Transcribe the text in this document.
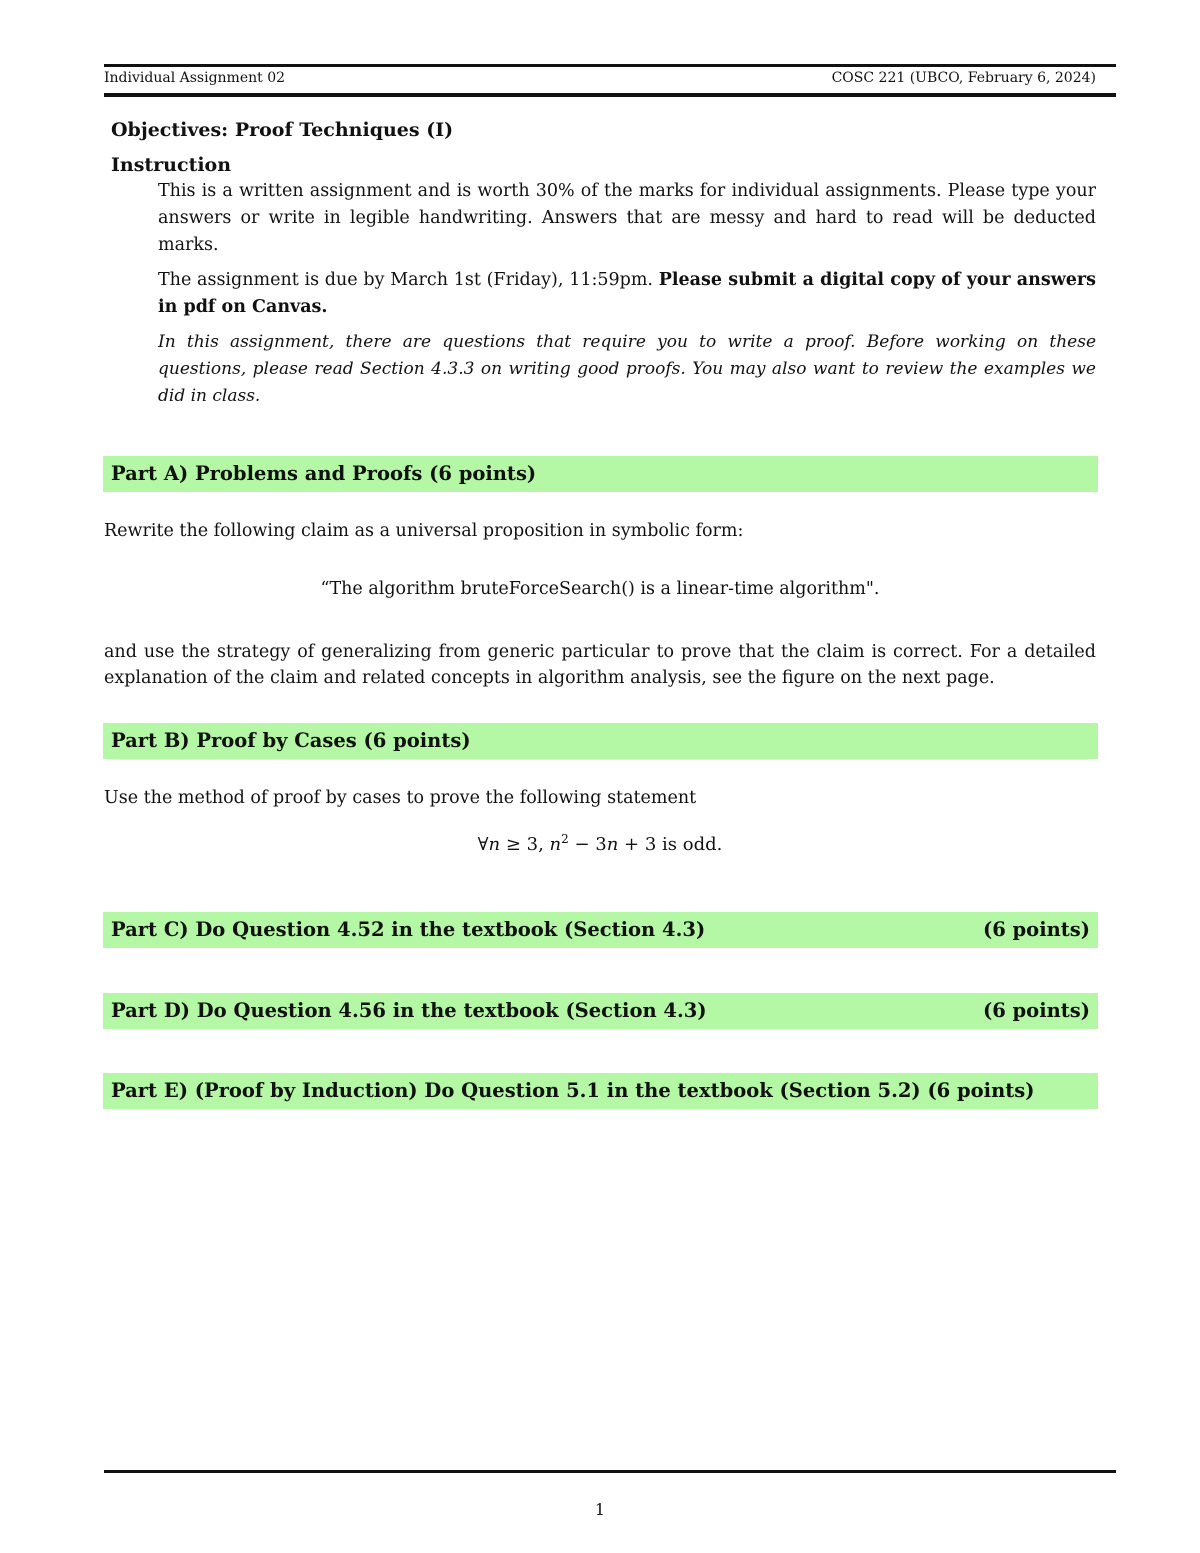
Individual Assignment 02	COSC 221 (UBCO, February 6, 2024)
Objectives: Proof Techniques (I)
Instruction
This is a written assignment and is worth 30% of the marks for individual assignments. Please type your answers or write in legible handwriting. Answers that are messy and hard to read will be deducted marks.
The assignment is due by March 1st (Friday), 11:59pm. Please submit a digital copy of your answers in pdf on Canvas.
In this assignment, there are questions that require you to write a proof. Before working on these questions, please read Section 4.3.3 on writing good proofs. You may also want to review the examples we did in class.
Part A) Problems and Proofs (6 points)
Rewrite the following claim as a universal proposition in symbolic form:
“The algorithm bruteForceSearch() is a linear-time algorithm".
and use the strategy of generalizing from generic particular to prove that the claim is correct. For a detailed explanation of the claim and related concepts in algorithm analysis, see the figure on the next page.
Part B) Proof by Cases (6 points)
Use the method of proof by cases to prove the following statement
∀n ≥ 3, $n^2 - 3n + 3$ is odd.
Part C) Do Question 4.52 in the textbook (Section 4.3)	(6 points)
Part D) Do Question 4.56 in the textbook (Section 4.3)	(6 points)
Part E) (Proof by Induction) Do Question 5.1 in the textbook (Section 5.2) (6 points)
1
